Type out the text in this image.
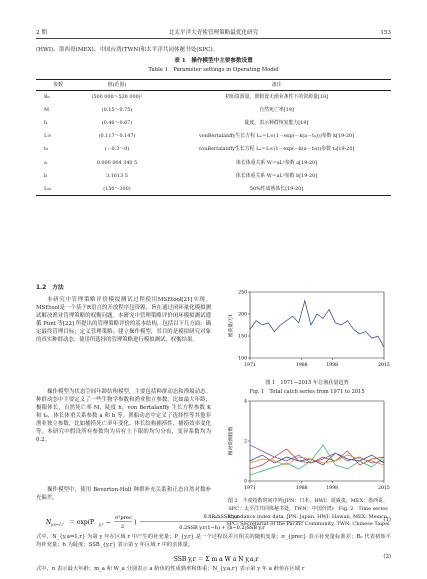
2 期	北太平洋大青鲨管理策略最优化研究	153
(HWI)、墨西哥(MEX)、中国台湾(TWN)和太平洋共同体秘书处(SPC)。
表 1　操作模型中主要参数设置
Table 1　Parameter settings in Operating Model
参数	值(范围)	备注
B₀	(500 000～520 000)¹	初始资源量，即假设无渔业条件下的资源量[18]
M	(0.15～0.75)	自然死亡率[19]
h	(0.46～0.67)	陡度，表示种群恢复能力[19]
L∞	(0.117～0.147)	vonBertalanffy生长方程 Lₐ＝L∞(1－exp(－k(a－t₀)))参数 k[19-20]
t₀	(－0.3～0)	vonBertalanffy生长方程 Lₐ＝L∞(1－exp(－k(a－t₀)))参数 t₀[19-20]
a	0.000 004 340 5	体长体重关系 W＝aLᵇ参数 a[19-20]
b	3.1613 5	体长体重关系 W＝aLᵇ参数 b[19-20]
L₅₀	(150～300)	50%性成熟体长[19-20]
1.2　方法
本研究中管理策略评价模拟测试过程使用MSEtool[21]实现。MSEtool是一个基于R语言的开放程序包资源，旨在通过闭环量化模拟测试解决渔业管理策略的权衡问题。本研究中管理策略评价闭环模拟测试遵循 Punt 等[22] 所提出的管理策略评价的基本结构，包括以下几方面：确定最终管理目标；定义管理策略；建立操作模型，其目的是模拟研究对象的真实种群动态；使用所选择的管理策略进行模拟测试，权衡结果。
操作模型为状态空间年龄结构模型，主要包括种群动态和渔船动态。种群动态中主要定义了一些生物学参数和渔业独立参数，比如最大年龄，极限体长，自然死亡率 M，陡度 h，von Bertalanffy 生长方程参数 K 和 t₀，体长体重关系参数 a 和 b 等。渔船动态中定义了选择性等其他非渔业独立参数，比如捕捞死亡率年变化、体长结构捕捞性、捕捞效率变化等。本研究中假设所有参数均为具有上下限的均匀分布，变异系数均为 0.2。
操作模型中，使用 Beverton-Holt 种群补充关系和正态自然对数补充偏差，
渔获量/万t
100
150
200
250
1971	1988	1998	2015
图 1　1971—2015 年总渔获量趋势
Fig. 1　Total catch series from 1971 to 2015
相对资源指数
0
2
4
1971	1988	1998	2015
图 2　丰度指数时间序列(JPN：日本，HWI：夏威夷，MEX：墨西哥，SPC：太平洋共同体秘书处，TWN：中国台湾)　Fig. 2　Time series abundance index data, JPN: Japan, HWI: Hawaii, MEX: Mexico, SPC: Secretariat of the Pacific Community, TWN: Chinese Taipei
N y,a=1,r ＝ exp(P y,r −
σ²prec
2
)
0.8R₀hSSB y,r
0.2SSB y,r(1−h) + (h−0.2)SSB y,r
(1)
式中，N_{y,a=1,r} 为第 y 年在区域 r 中产生的补充量；P_{y,r} 是一个过程误差且相关的随机变量；σ_{prec} 表示补充量标准差；R₀ 代表初始平均补充量；h 为陡度；SSB_{y,r} 表示第 y 年区域 r 中的亲体量。
SSB y,r ＝ Σ m a W a N y,a,r	(2)
式中，n 表示最大年龄；m_a 和 W_a 分别表示 a 龄鱼的性成熟率和体重；N_{y,a,r} 表示第 y 年 a 龄鱼在区域 r
